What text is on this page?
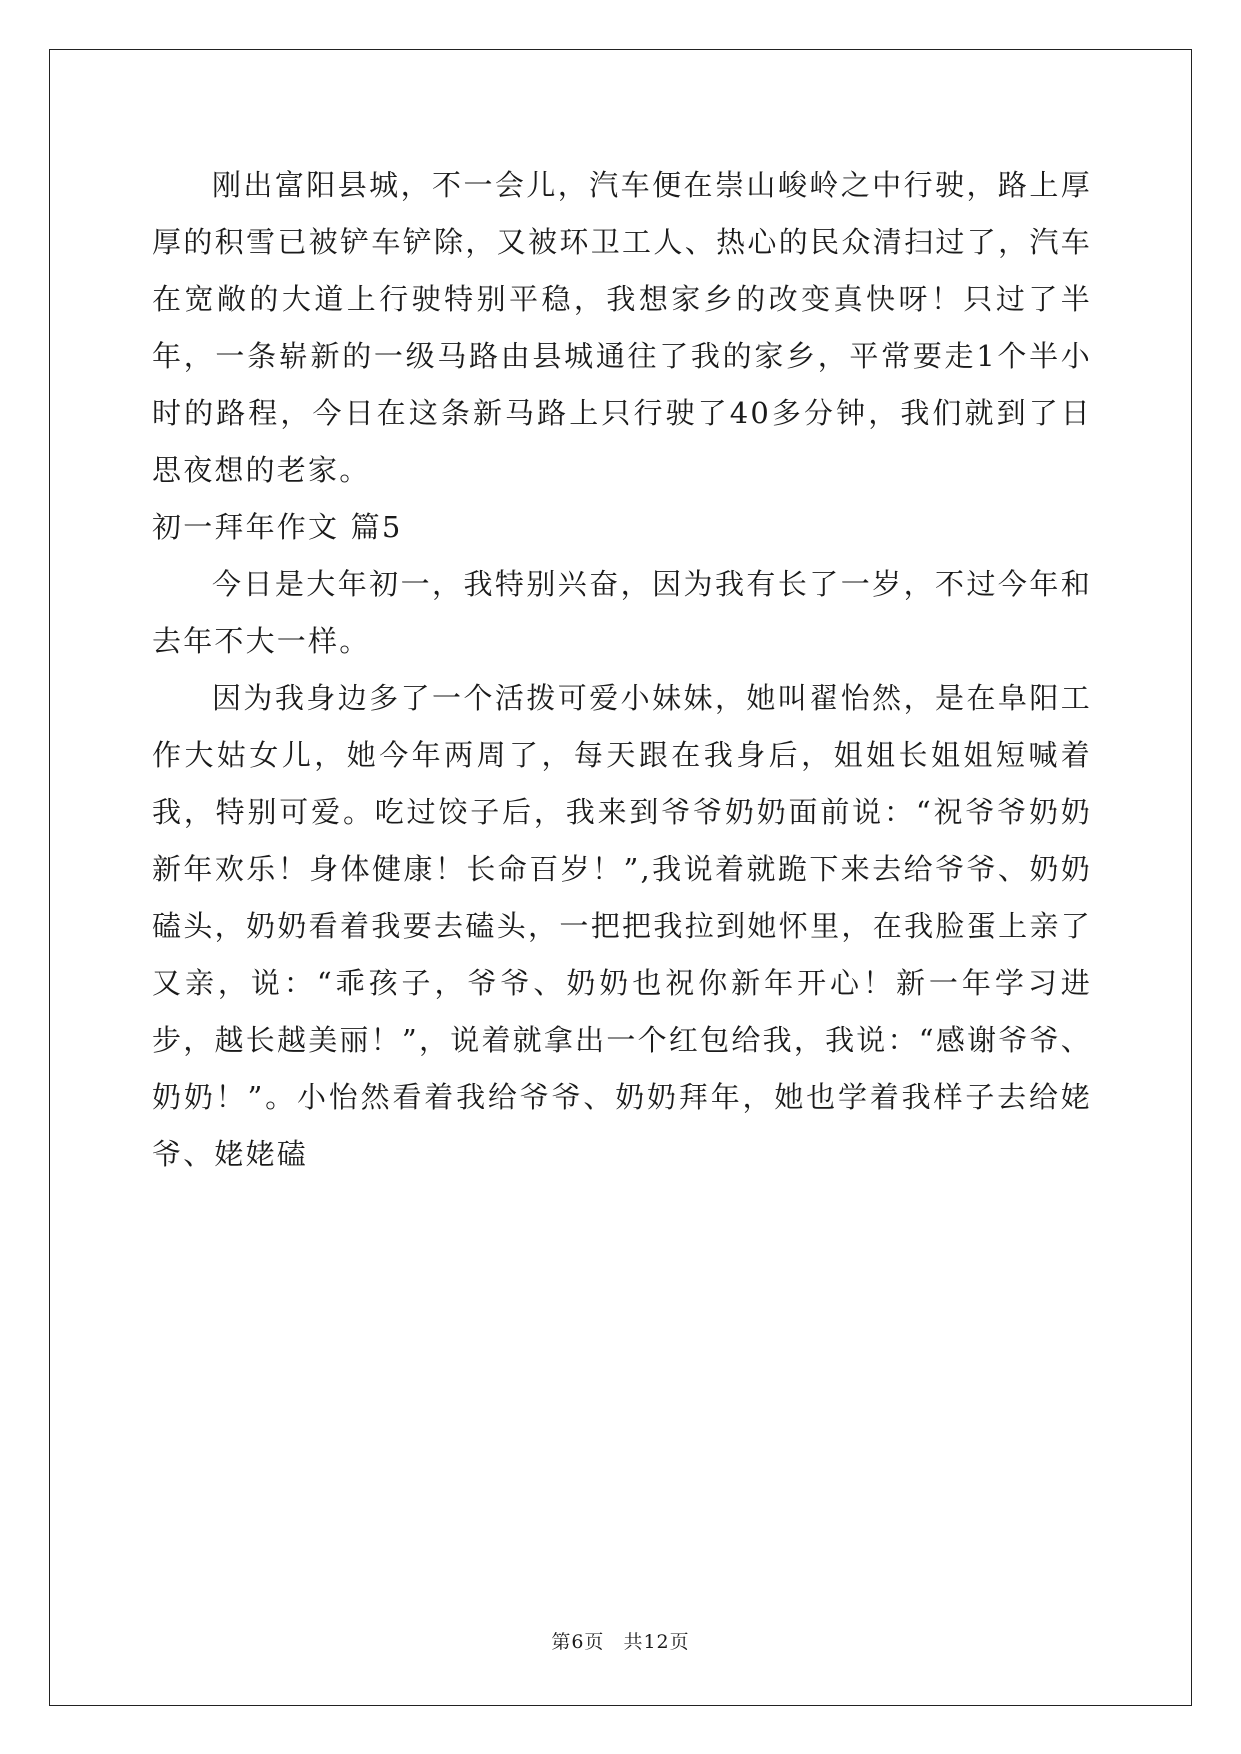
刚出富阳县城，不一会儿，汽车便在崇山峻岭之中行驶，路上厚厚的积雪已被铲车铲除，又被环卫工人、热心的民众清扫过了，汽车在宽敞的大道上行驶特别平稳，我想家乡的改变真快呀！只过了半年，一条崭新的一级马路由县城通往了我的家乡，平常要走1个半小时的路程，今日在这条新马路上只行驶了40多分钟，我们就到了日思夜想的老家。

初一拜年作文 篇5

今日是大年初一，我特别兴奋，因为我有长了一岁，不过今年和去年不大一样。

因为我身边多了一个活拨可爱小妹妹，她叫翟怡然，是在阜阳工作大姑女儿，她今年两周了，每天跟在我身后，姐姐长姐姐短喊着我，特别可爱。吃过饺子后，我来到爷爷奶奶面前说：“祝爷爷奶奶新年欢乐！身体健康！长命百岁！”,我说着就跪下来去给爷爷、奶奶磕头，奶奶看着我要去磕头，一把把我拉到她怀里，在我脸蛋上亲了又亲，说：“乖孩子，爷爷、奶奶也祝你新年开心！新一年学习进步，越长越美丽！”，说着就拿出一个红包给我，我说：“感谢爷爷、奶奶！”。小怡然看着我给爷爷、奶奶拜年，她也学着我样子去给姥爷、姥姥磕

第6页 共12页
